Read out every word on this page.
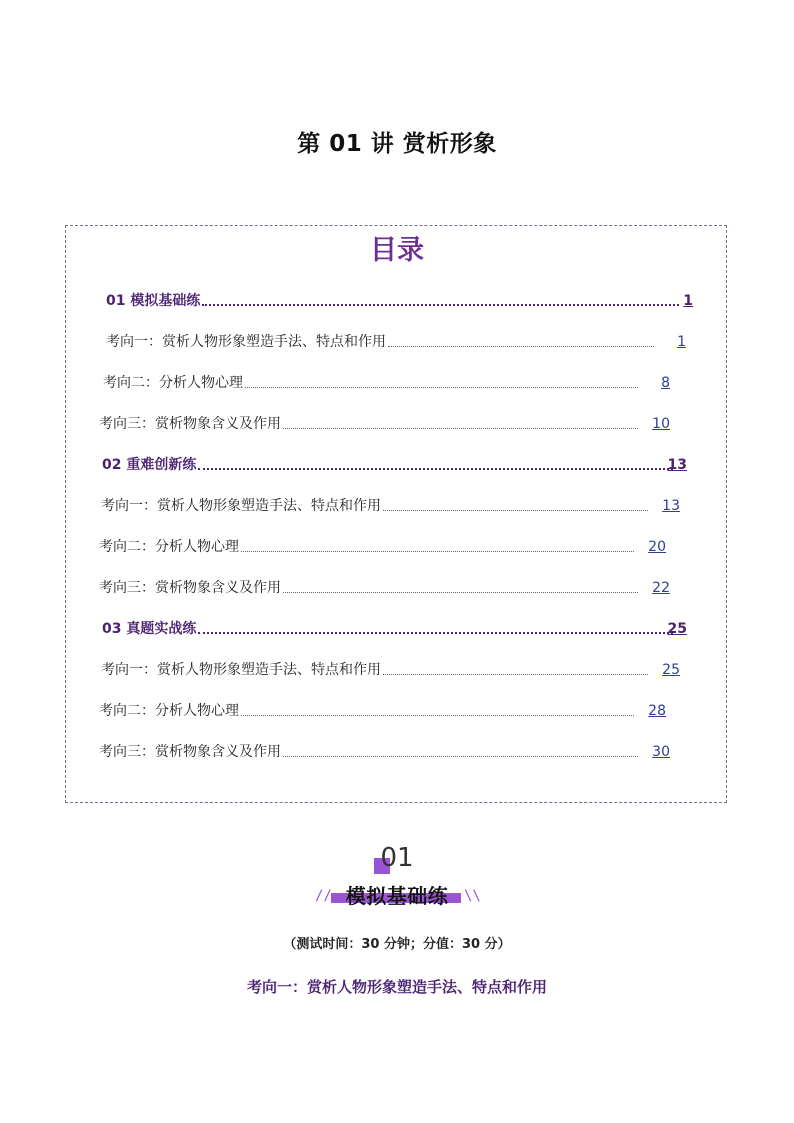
第 01 讲 赏析形象
目录
01 模拟基础练	1
考向一：赏析人物形象塑造手法、特点和作用	1
考向二：分析人物心理	8
考向三：赏析物象含义及作用	10
02 重难创新练	13
考向一：赏析人物形象塑造手法、特点和作用	13
考向二：分析人物心理	20
考向三：赏析物象含义及作用	22
03 真题实战练	25
考向一：赏析人物形象塑造手法、特点和作用	25
考向二：分析人物心理	28
考向三：赏析物象含义及作用	30
01
//	\\
模拟基础练
（测试时间：30 分钟；分值：30 分）
考向一：赏析人物形象塑造手法、特点和作用
